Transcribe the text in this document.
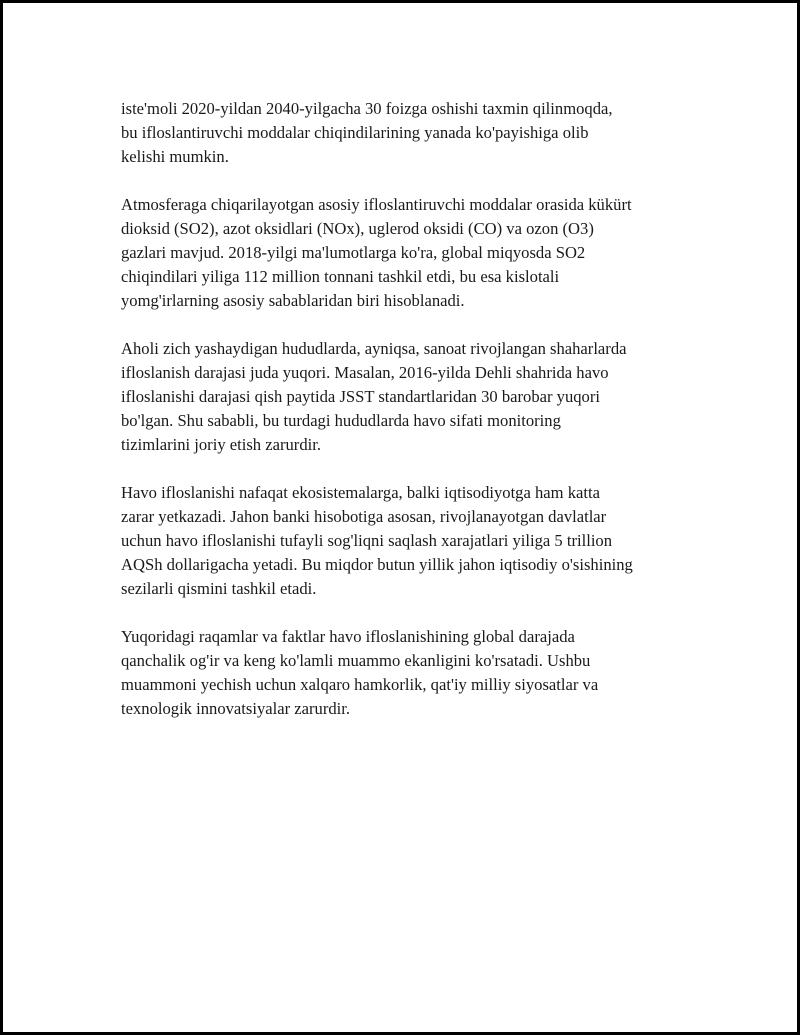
iste'moli 2020-yildan 2040-yilgacha 30 foizga oshishi taxmin qilinmoqda,
bu ifloslantiruvchi moddalar chiqindilarining yanada ko'payishiga olib
kelishi mumkin.

Atmosferaga chiqarilayotgan asosiy ifloslantiruvchi moddalar orasida kükürt
dioksid (SO2), azot oksidlari (NOx), uglerod oksidi (CO) va ozon (O3)
gazlari mavjud. 2018-yilgi ma'lumotlarga ko'ra, global miqyosda SO2
chiqindilari yiliga 112 million tonnani tashkil etdi, bu esa kislotali
yomg'irlarning asosiy sabablaridan biri hisoblanadi.

Aholi zich yashaydigan hududlarda, ayniqsa, sanoat rivojlangan shaharlarda
ifloslanish darajasi juda yuqori. Masalan, 2016-yilda Dehli shahrida havo
ifloslanishi darajasi qish paytida JSST standartlaridan 30 barobar yuqori
bo'lgan. Shu sababli, bu turdagi hududlarda havo sifati monitoring
tizimlarini joriy etish zarurdir.

Havo ifloslanishi nafaqat ekosistemalarga, balki iqtisodiyotga ham katta
zarar yetkazadi. Jahon banki hisobotiga asosan, rivojlanayotgan davlatlar
uchun havo ifloslanishi tufayli sog'liqni saqlash xarajatlari yiliga 5 trillion
AQSh dollarigacha yetadi. Bu miqdor butun yillik jahon iqtisodiy o'sishining
sezilarli qismini tashkil etadi.

Yuqoridagi raqamlar va faktlar havo ifloslanishining global darajada
qanchalik og'ir va keng ko'lamli muammo ekanligini ko'rsatadi. Ushbu
muammoni yechish uchun xalqaro hamkorlik, qat'iy milliy siyosatlar va
texnologik innovatsiyalar zarurdir.
